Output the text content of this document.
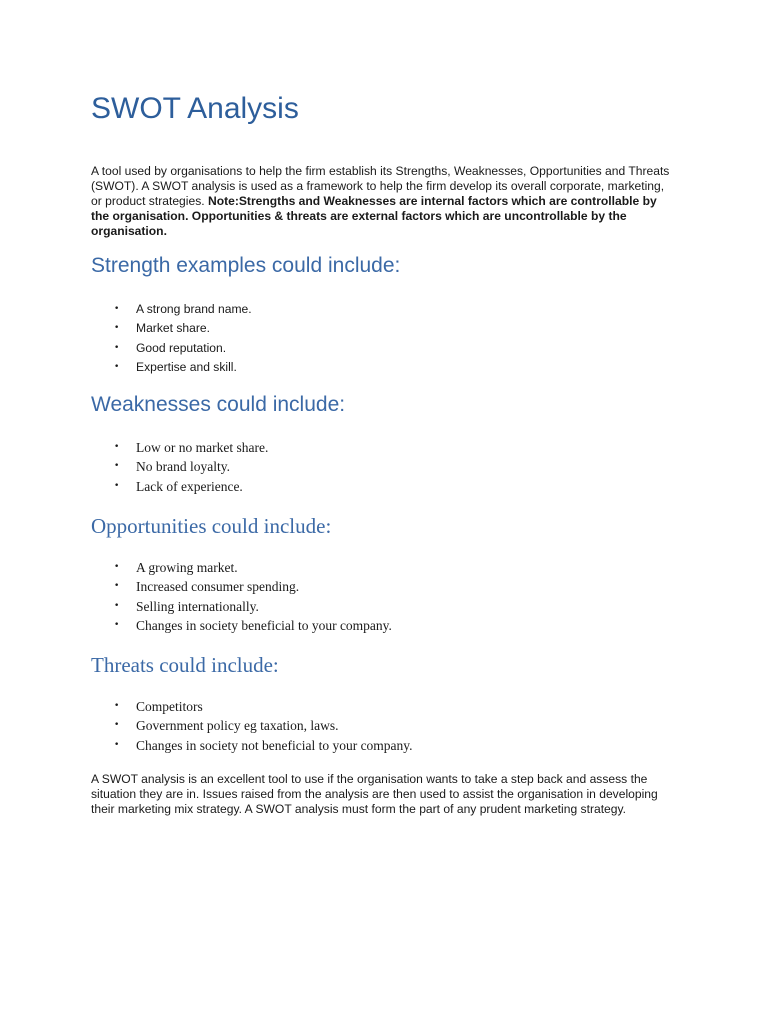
SWOT Analysis

A tool used by organisations to help the firm establish its Strengths, Weaknesses, Opportunities and Threats (SWOT). A SWOT analysis is used as a framework to help the firm develop its overall corporate, marketing, or product strategies. Note:Strengths and Weaknesses are internal factors which are controllable by the organisation. Opportunities & threats are external factors which are uncontrollable by the organisation.

Strength examples could include:
• A strong brand name.
• Market share.
• Good reputation.
• Expertise and skill.
Weaknesses could include:
• Low or no market share.
• No brand loyalty.
• Lack of experience.
Opportunities could include:
• A growing market.
• Increased consumer spending.
• Selling internationally.
• Changes in society beneficial to your company.
Threats could include:
• Competitors
• Government policy eg taxation, laws.
• Changes in society not beneficial to your company.

A SWOT analysis is an excellent tool to use if the organisation wants to take a step back and assess the situation they are in. Issues raised from the analysis are then used to assist the organisation in developing their marketing mix strategy. A SWOT analysis must form the part of any prudent marketing strategy.
